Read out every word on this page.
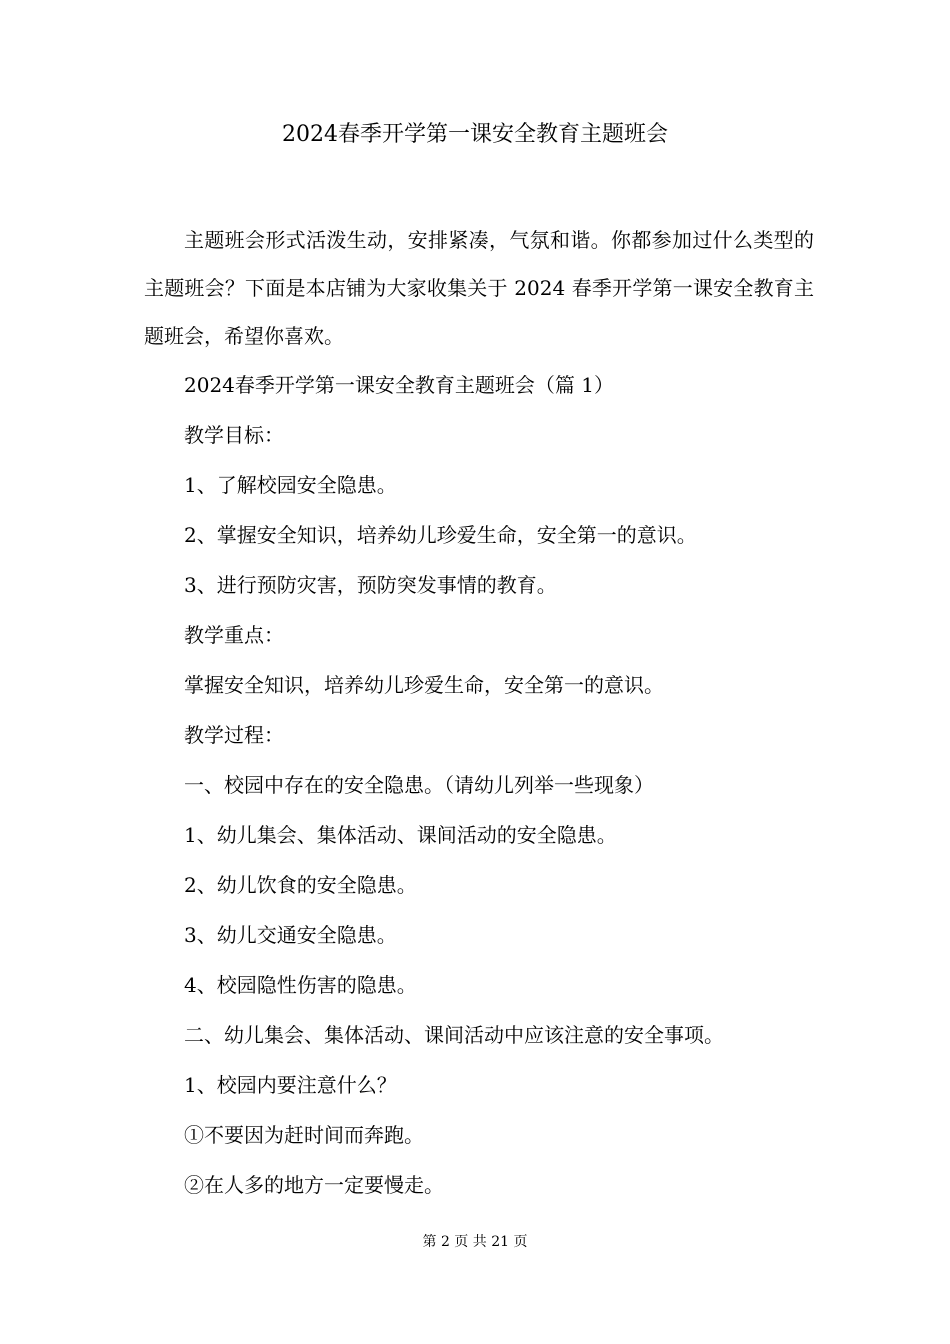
2024春季开学第一课安全教育主题班会

主题班会形式活泼生动，安排紧凑，气氛和谐。你都参加过什么类型的主题班会？下面是本店铺为大家收集关于 2024 春季开学第一课安全教育主题班会，希望你喜欢。

2024春季开学第一课安全教育主题班会（篇 1）

教学目标：

1、了解校园安全隐患。

2、掌握安全知识，培养幼儿珍爱生命，安全第一的意识。

3、进行预防灾害，预防突发事情的教育。

教学重点：

掌握安全知识，培养幼儿珍爱生命，安全第一的意识。

教学过程：

一、校园中存在的安全隐患。（请幼儿列举一些现象）

1、幼儿集会、集体活动、课间活动的安全隐患。

2、幼儿饮食的安全隐患。

3、幼儿交通安全隐患。

4、校园隐性伤害的隐患。

二、幼儿集会、集体活动、课间活动中应该注意的安全事项。

1、校园内要注意什么？

①不要因为赶时间而奔跑。

②在人多的地方一定要慢走。

第 2 页 共 21 页
